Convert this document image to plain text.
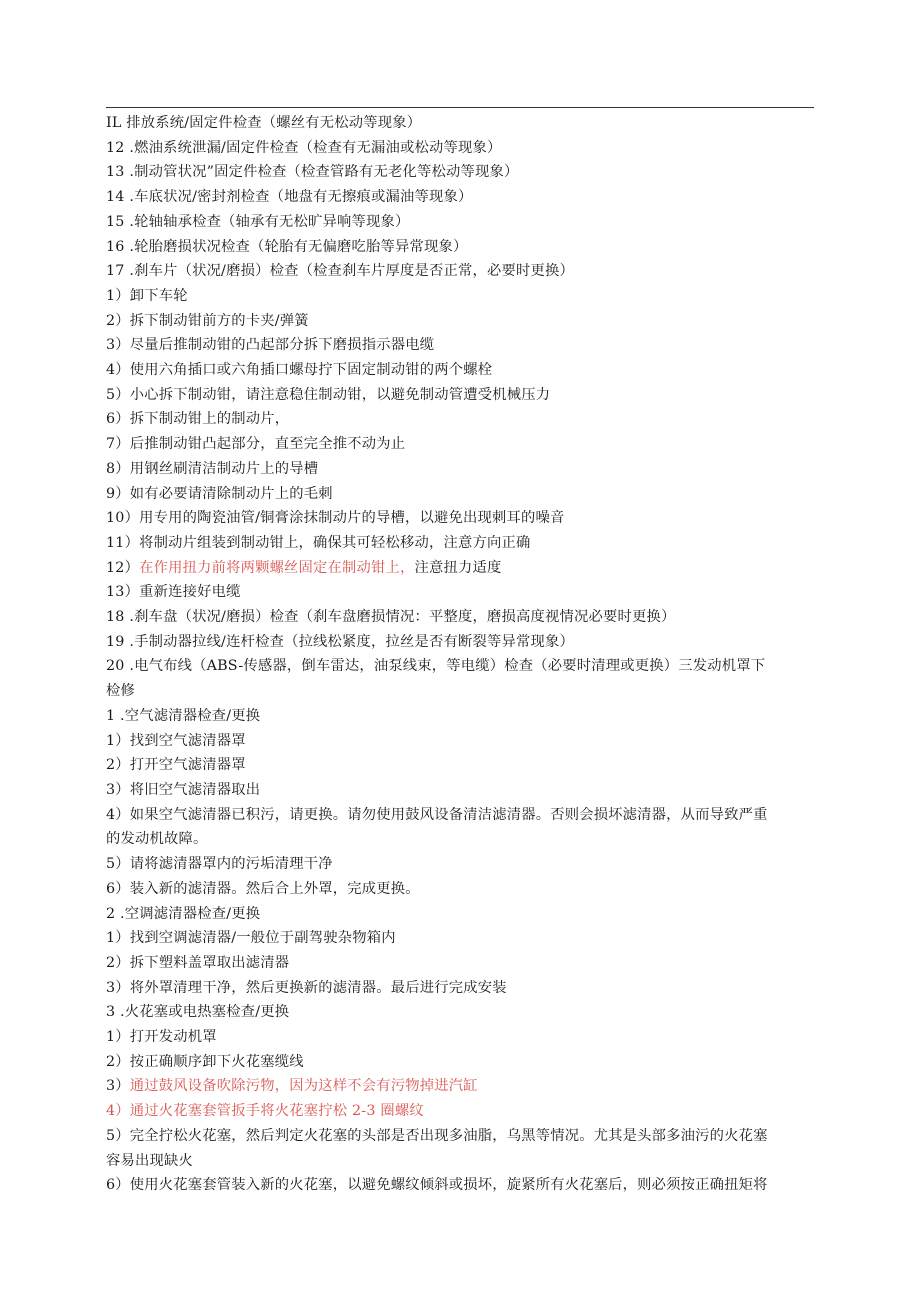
IL 排放系统/固定件检查（螺丝有无松动等现象）
12 .燃油系统泄漏/固定件检查（检查有无漏油或松动等现象）
13 .制动管状况”固定件检查（检查管路有无老化等松动等现象）
14 .车底状况/密封剂检查（地盘有无擦痕或漏油等现象）
15 .轮轴轴承检查（轴承有无松旷异响等现象）
16 .轮胎磨损状况检查（轮胎有无偏磨吃胎等异常现象）
17 .刹车片（状况/磨损）检查（检查刹车片厚度是否正常，必要时更换）
1）卸下车轮
2）拆下制动钳前方的卡夹/弹簧
3）尽量后推制动钳的凸起部分拆下磨损指示器电缆
4）使用六角插口或六角插口螺母拧下固定制动钳的两个螺栓
5）小心拆下制动钳，请注意稳住制动钳，以避免制动管遭受机械压力
6）拆下制动钳上的制动片，
7）后推制动钳凸起部分，直至完全推不动为止
8）用钢丝刷清洁制动片上的导槽
9）如有必要请清除制动片上的毛刺
10）用专用的陶瓷油管/铜膏涂抹制动片的导槽，以避免出现刺耳的噪音
11）将制动片组装到制动钳上，确保其可轻松移动，注意方向正确
12）在作用扭力前将两颗螺丝固定在制动钳上，注意扭力适度
13）重新连接好电缆
18 .刹车盘（状况/磨损）检查（刹车盘磨损情况：平整度，磨损高度视情况必要时更换）
19 .手制动器拉线/连杆检查（拉线松紧度，拉丝是否有断裂等异常现象）
20 .电气布线（ABS-传感器，倒车雷达，油泵线束，等电缆）检查（必要时清理或更换）三发动机罩下
检修
1 .空气滤清器检查/更换
1）找到空气滤清器罩
2）打开空气滤清器罩
3）将旧空气滤清器取出
4）如果空气滤清器已积污，请更换。请勿使用鼓风设备清洁滤清器。否则会损坏滤清器，从而导致严重
的发动机故障。
5）请将滤清器罩内的污垢清理干净
6）装入新的滤清器。然后合上外罩，完成更换。
2 .空调滤清器检查/更换
1）找到空调滤清器/一般位于副驾驶杂物箱内
2）拆下塑料盖罩取出滤清器
3）将外罩清理干净，然后更换新的滤清器。最后进行完成安装
3 .火花塞或电热塞检查/更换
1）打开发动机罩
2）按正确顺序卸下火花塞缆线
3）通过鼓风设备吹除污物，因为这样不会有污物掉进汽缸
4）通过火花塞套管扳手将火花塞拧松 2-3 圈螺纹
5）完全拧松火花塞，然后判定火花塞的头部是否出现多油脂，乌黑等情况。尤其是头部多油污的火花塞
容易出现缺火
6）使用火花塞套管装入新的火花塞，以避免螺纹倾斜或损坏，旋紧所有火花塞后，则必须按正确扭矩将
